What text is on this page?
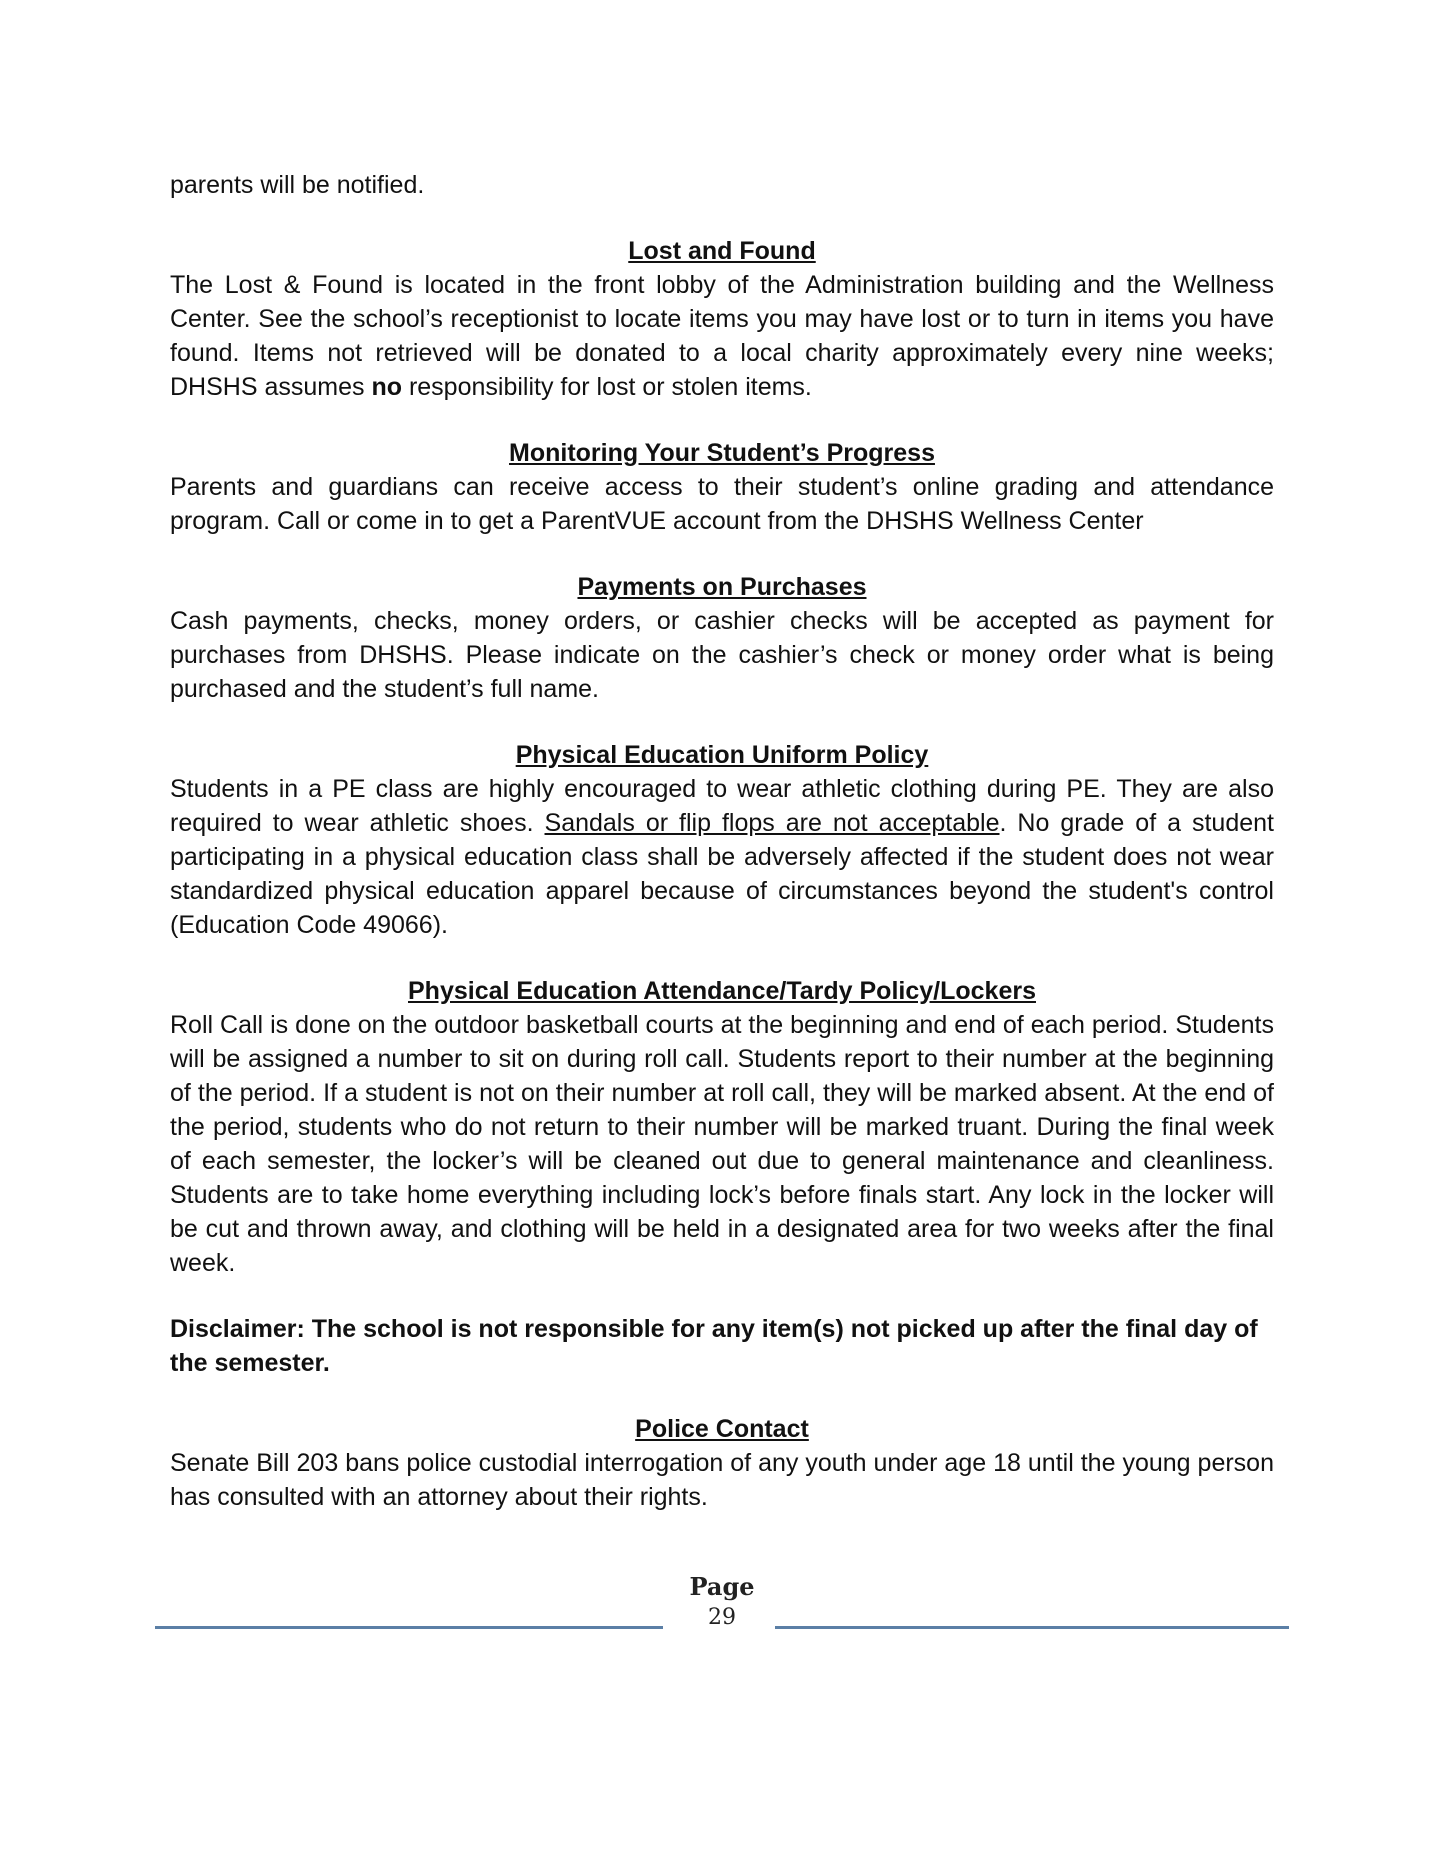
parents will be notified.

Lost and Found

The Lost & Found is located in the front lobby of the Administration building and the Wellness Center. See the school’s receptionist to locate items you may have lost or to turn in items you have found. Items not retrieved will be donated to a local charity approximately every nine weeks; DHSHS assumes no responsibility for lost or stolen items.

Monitoring Your Student’s Progress

Parents and guardians can receive access to their student’s online grading and attendance program. Call or come in to get a ParentVUE account from the DHSHS Wellness Center

Payments on Purchases

Cash payments, checks, money orders, or cashier checks will be accepted as payment for purchases from DHSHS. Please indicate on the cashier’s check or money order what is being purchased and the student’s full name.

Physical Education Uniform Policy

Students in a PE class are highly encouraged to wear athletic clothing during PE. They are also required to wear athletic shoes. Sandals or flip flops are not acceptable. No grade of a student participating in a physical education class shall be adversely affected if the student does not wear standardized physical education apparel because of circumstances beyond the student's control (Education Code 49066).

Physical Education Attendance/Tardy Policy/Lockers

Roll Call is done on the outdoor basketball courts at the beginning and end of each period. Students will be assigned a number to sit on during roll call. Students report to their number at the beginning of the period. If a student is not on their number at roll call, they will be marked absent. At the end of the period, students who do not return to their number will be marked truant. During the final week of each semester, the locker’s will be cleaned out due to general maintenance and cleanliness. Students are to take home everything including lock’s before finals start. Any lock in the locker will be cut and thrown away, and clothing will be held in a designated area for two weeks after the final week.

Disclaimer: The school is not responsible for any item(s) not picked up after the final day of the semester.

Police Contact

Senate Bill 203 bans police custodial interrogation of any youth under age 18 until the young person has consulted with an attorney about their rights.

Page
29
